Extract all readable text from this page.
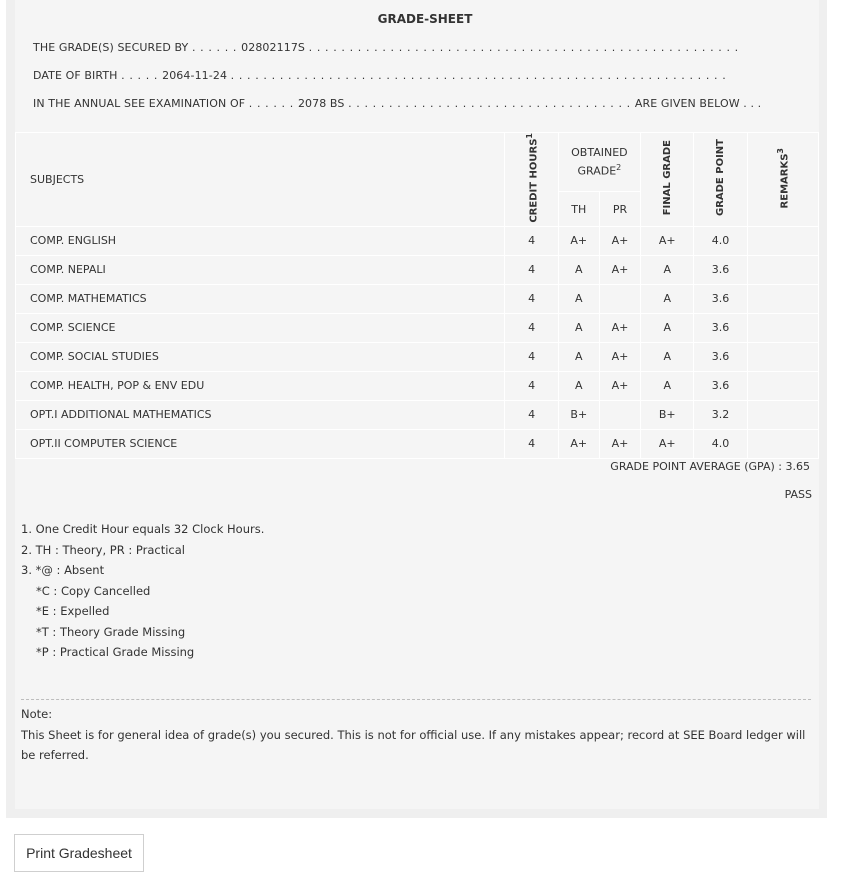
GRADE-SHEET
THE GRADE(S) SECURED BY . . . . . . 02802117S . . . . . . . . . . . . . . . . . . . . . . . . . . . . . . . . . . . . . . . . . . . . . . . . . . . . .
DATE OF BIRTH . . . . . 2064-11-24 . . . . . . . . . . . . . . . . . . . . . . . . . . . . . . . . . . . . . . . . . . . . . . . . . . . . . . . . . . . . .
IN THE ANNUAL SEE EXAMINATION OF . . . . . . 2078 BS . . . . . . . . . . . . . . . . . . . . . . . . . . . . . . . . . . . ARE GIVEN BELOW . . .
SUBJECTS	CREDIT HOURS$^1$	OBTAINED GRADE$^2$		FINAL GRADE	GRADE POINT	REMARKS$^3$
		TH	PR			
COMP. ENGLISH	4	A+	A+	A+	4.0	
COMP. NEPALI	4	A	A+	A	3.6	
COMP. MATHEMATICS	4	A		A	3.6	
COMP. SCIENCE	4	A	A+	A	3.6	
COMP. SOCIAL STUDIES	4	A	A+	A	3.6	
COMP. HEALTH, POP & ENV EDU	4	A	A+	A	3.6	
OPT.I ADDITIONAL MATHEMATICS	4	B+		B+	3.2	
OPT.II COMPUTER SCIENCE	4	A+	A+	A+	4.0	
GRADE POINT AVERAGE (GPA) : 3.65
PASS
1. One Credit Hour equals 32 Clock Hours.
2. TH : Theory, PR : Practical
3. *@ : Absent
*C : Copy Cancelled
*E : Expelled
*T : Theory Grade Missing
*P : Practical Grade Missing
Note:
This Sheet is for general idea of grade(s) you secured. This is not for official use. If any mistakes appear; record at SEE Board ledger will be referred.
Print Gradesheet
